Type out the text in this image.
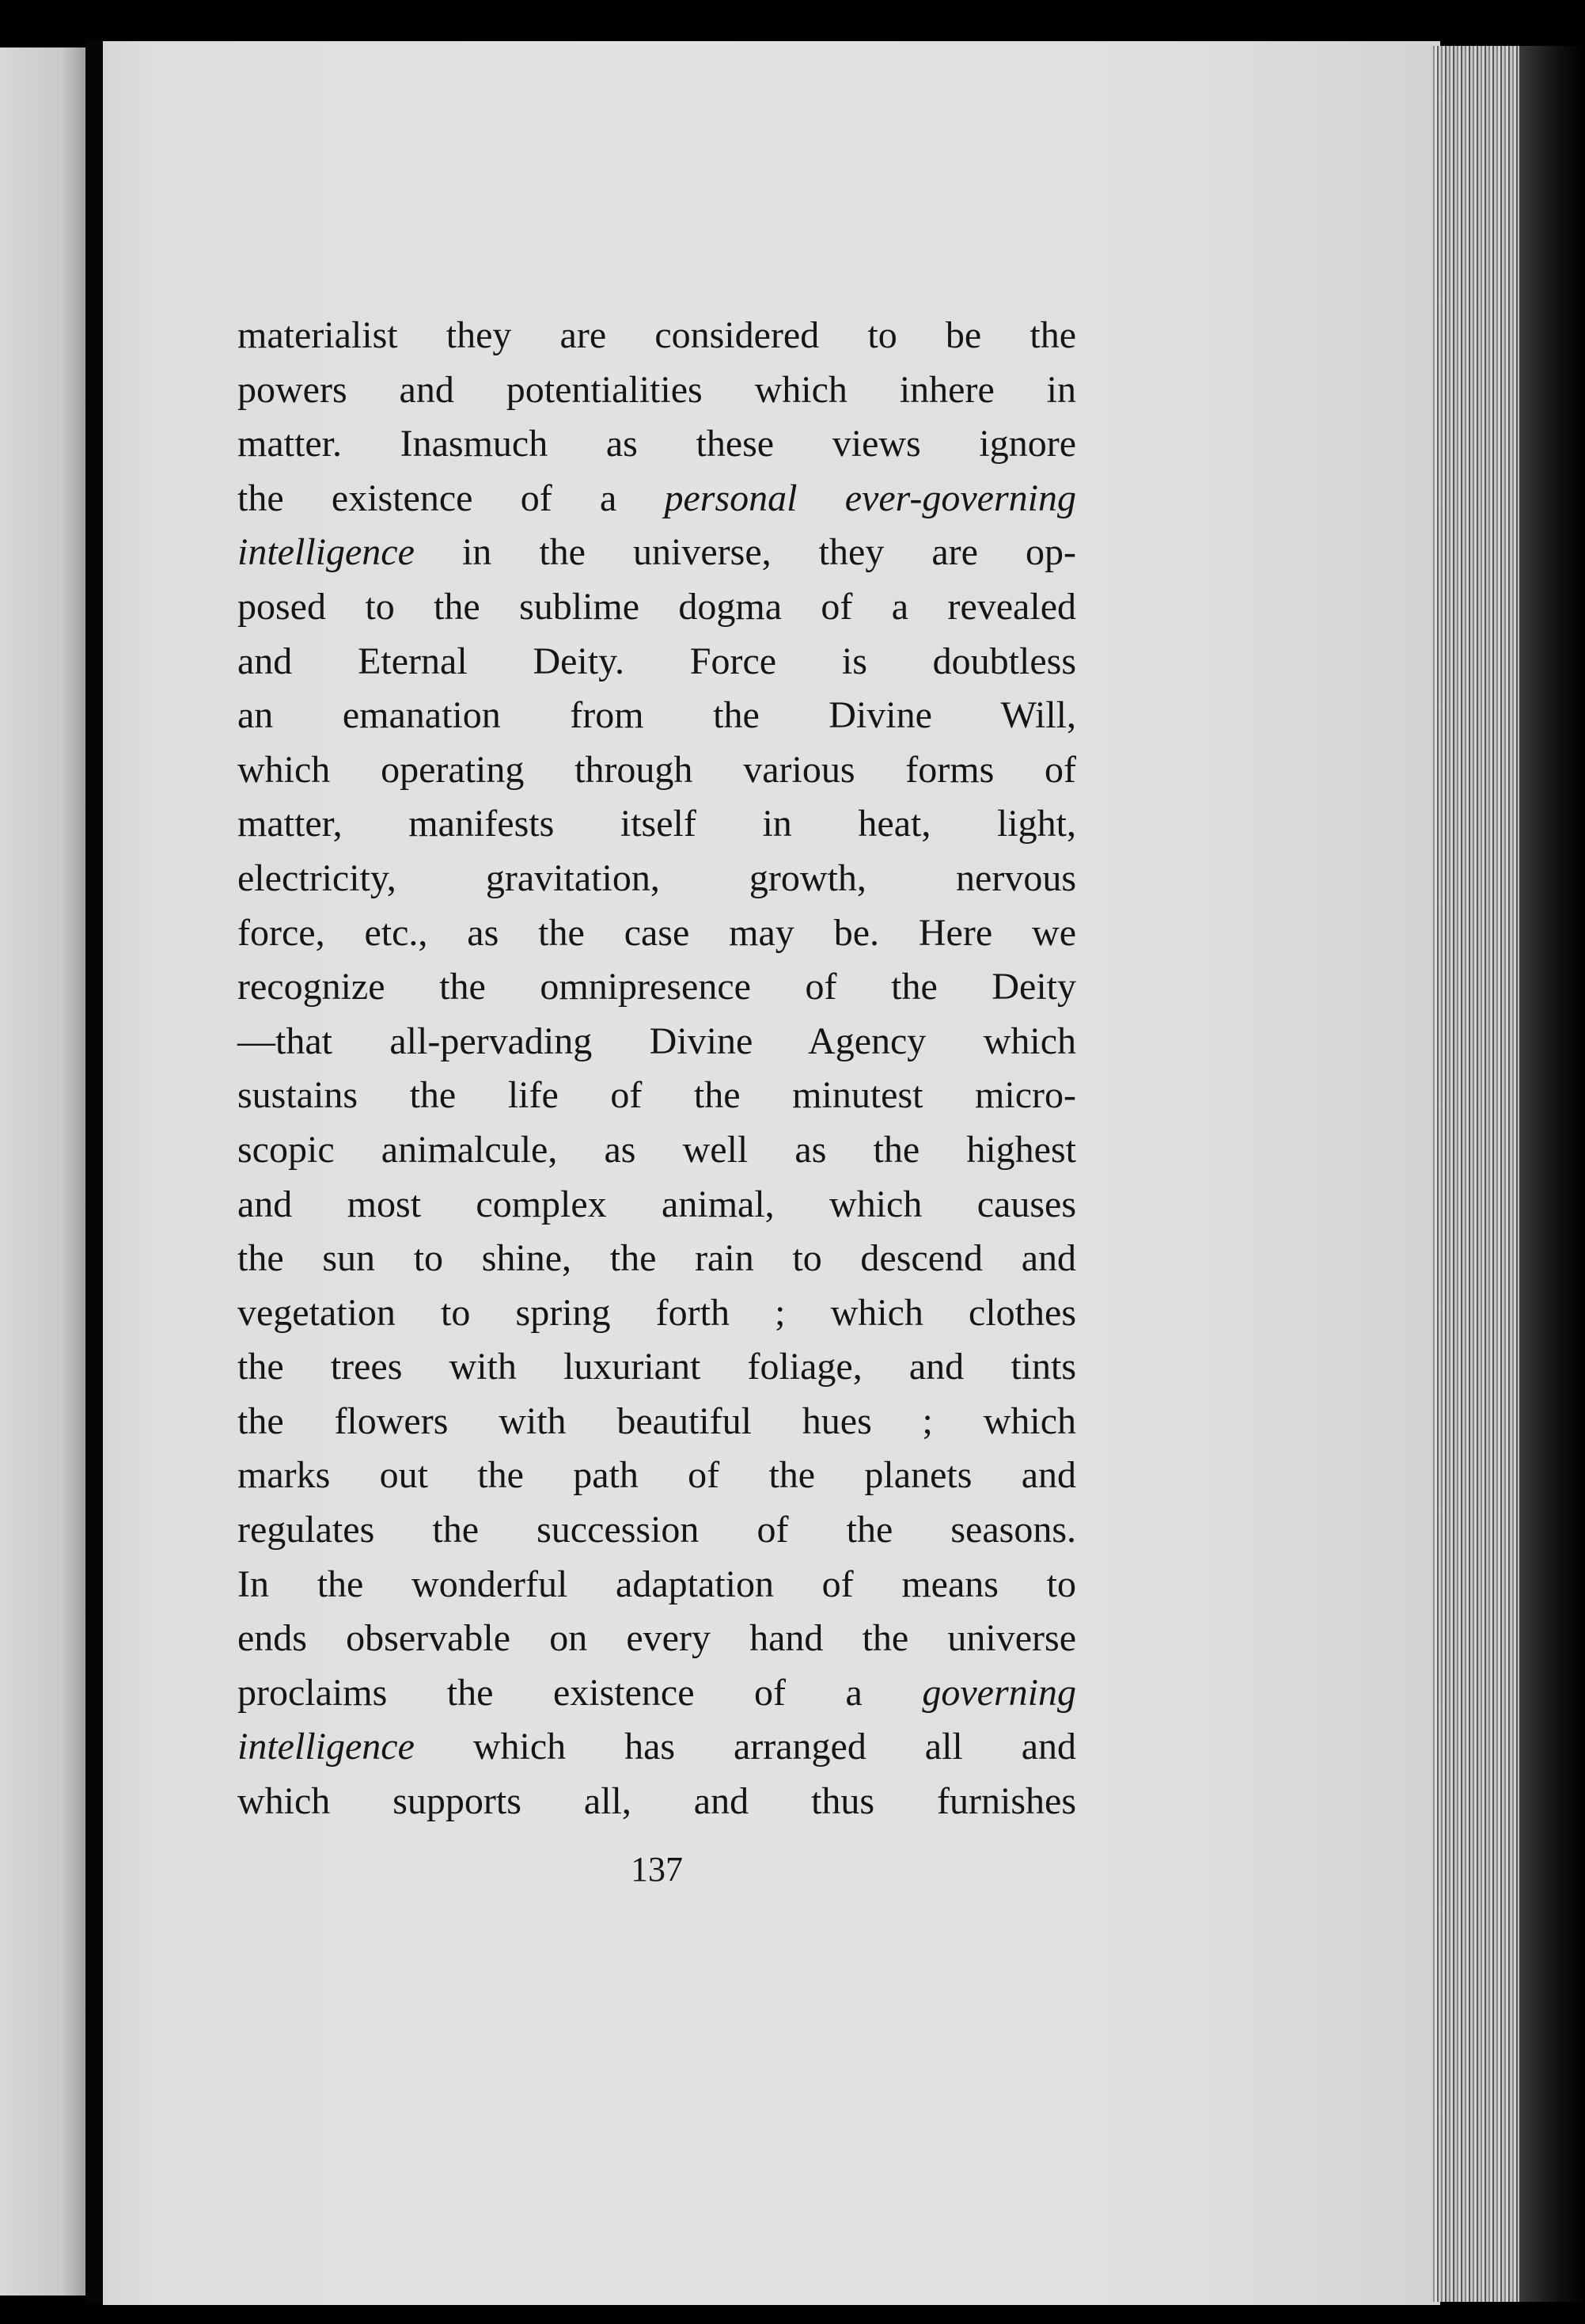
materialist they are considered to be the
powers and potentialities which inhere in
matter. Inasmuch as these views ignore
the existence of a personal ever-governing
intelligence in the universe, they are op-
posed to the sublime dogma of a revealed
and Eternal Deity. Force is doubtless
an emanation from the Divine Will,
which operating through various forms of
matter, manifests itself in heat, light,
electricity, gravitation, growth, nervous
force, etc., as the case may be. Here we
recognize the omnipresence of the Deity
—that all-pervading Divine Agency which
sustains the life of the minutest micro-
scopic animalcule, as well as the highest
and most complex animal, which causes
the sun to shine, the rain to descend and
vegetation to spring forth ; which clothes
the trees with luxuriant foliage, and tints
the flowers with beautiful hues ; which
marks out the path of the planets and
regulates the succession of the seasons.
In the wonderful adaptation of means to
ends observable on every hand the universe
proclaims the existence of a governing
intelligence which has arranged all and
which supports all, and thus furnishes
137
